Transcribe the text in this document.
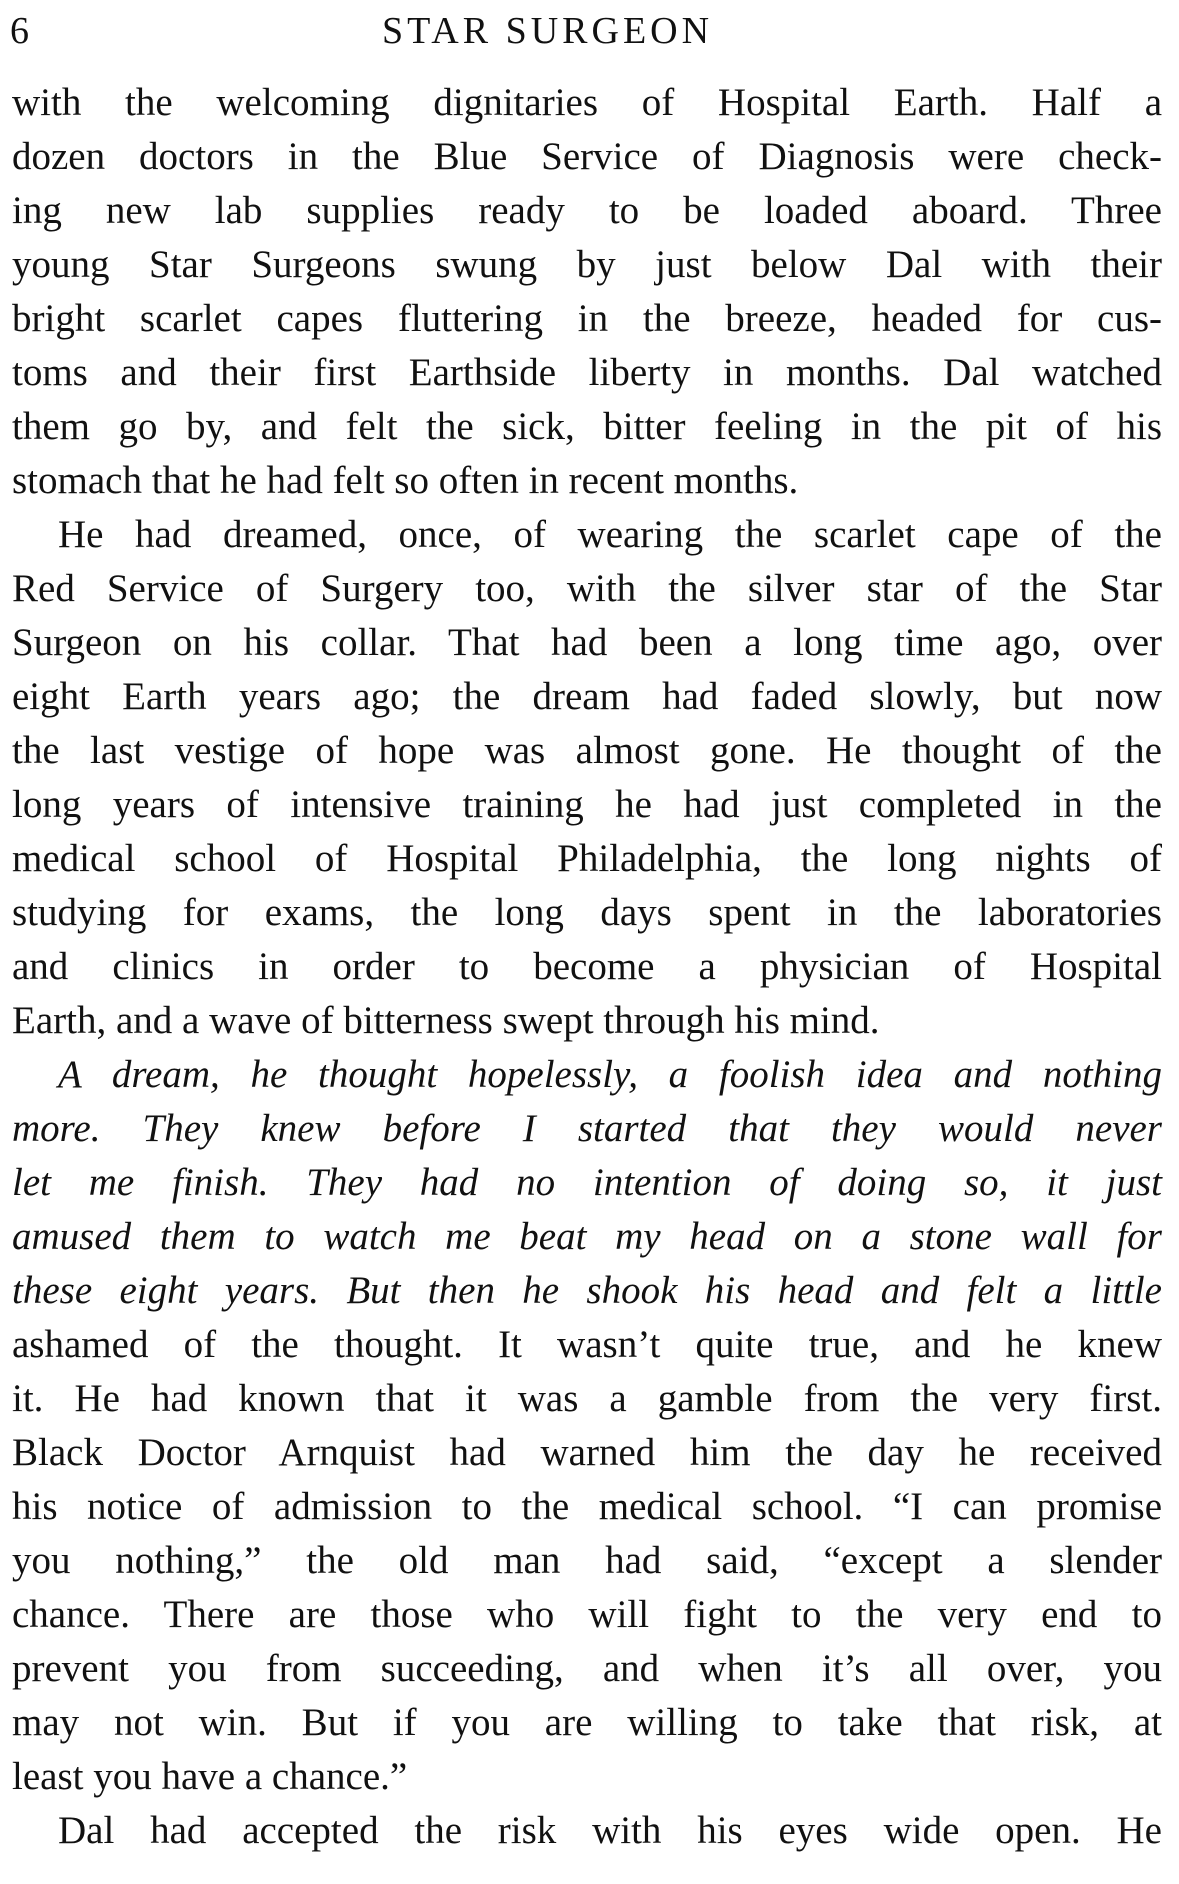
6	STAR SURGEON
with the welcoming dignitaries of Hospital Earth. Half a
dozen doctors in the Blue Service of Diagnosis were check-
ing new lab supplies ready to be loaded aboard. Three
young Star Surgeons swung by just below Dal with their
bright scarlet capes fluttering in the breeze, headed for cus-
toms and their first Earthside liberty in months. Dal watched
them go by, and felt the sick, bitter feeling in the pit of his
stomach that he had felt so often in recent months.
He had dreamed, once, of wearing the scarlet cape of the
Red Service of Surgery too, with the silver star of the Star
Surgeon on his collar. That had been a long time ago, over
eight Earth years ago; the dream had faded slowly, but now
the last vestige of hope was almost gone. He thought of the
long years of intensive training he had just completed in the
medical school of Hospital Philadelphia, the long nights of
studying for exams, the long days spent in the laboratories
and clinics in order to become a physician of Hospital
Earth, and a wave of bitterness swept through his mind.
A dream, he thought hopelessly, a foolish idea and nothing
more. They knew before I started that they would never
let me finish. They had no intention of doing so, it just
amused them to watch me beat my head on a stone wall for
these eight years. But then he shook his head and felt a little
ashamed of the thought. It wasn’t quite true, and he knew
it. He had known that it was a gamble from the very first.
Black Doctor Arnquist had warned him the day he received
his notice of admission to the medical school. “I can promise
you nothing,” the old man had said, “except a slender
chance. There are those who will fight to the very end to
prevent you from succeeding, and when it’s all over, you
may not win. But if you are willing to take that risk, at
least you have a chance.”
Dal had accepted the risk with his eyes wide open. He
